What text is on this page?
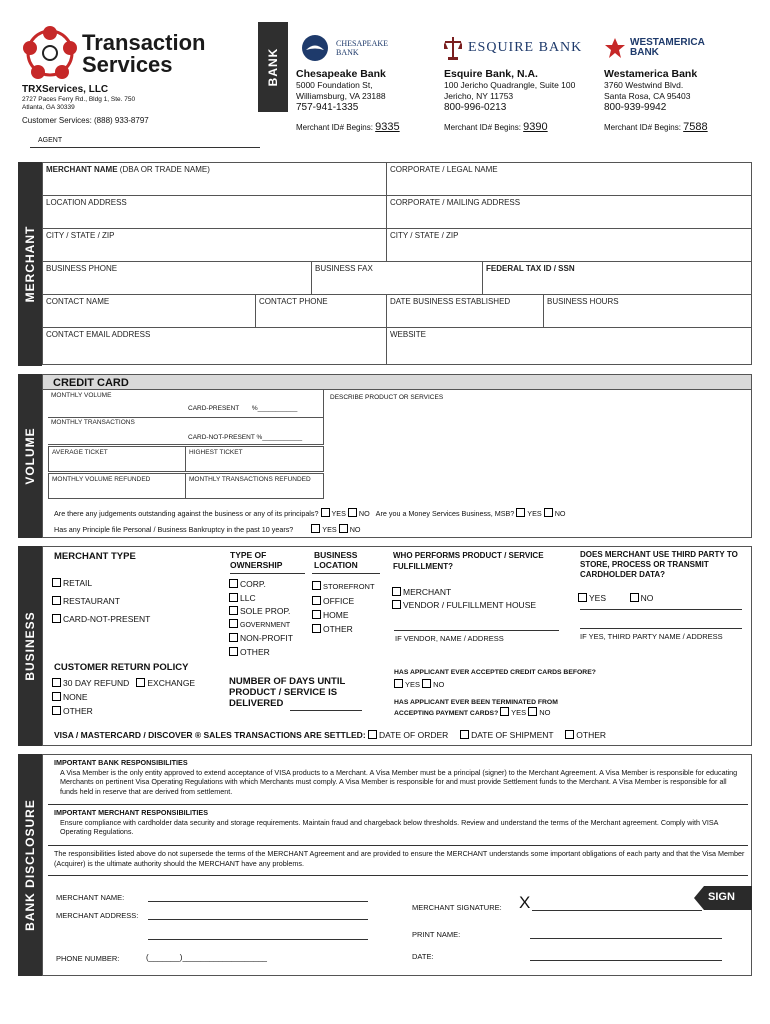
Transaction
Services
TRXServices, LLC
2727 Paces Ferry Rd., Bldg 1, Ste. 750
Atlanta, GA 30339
Customer Services: (888) 933-8797
AGENT
BANK
CHESAPEAKE BANK
Chesapeake Bank
5000 Foundation St,
Williamsburg, VA 23188
757-941-1335
Merchant ID# Begins: 9335
ESQUIRE BANK
Esquire Bank, N.A.
100 Jericho Quadrangle, Suite 100
Jericho, NY 11753
800-996-0213
Merchant ID# Begins: 9390
WESTAMERICA BANK
Westamerica Bank
3760 Westwind Blvd.
Santa Rosa, CA 95403
800-939-9942
Merchant ID# Begins: 7588
MERCHANT
MERCHANT NAME (DBA OR TRADE NAME)	CORPORATE / LEGAL NAME
LOCATION ADDRESS	CORPORATE / MAILING ADDRESS
CITY / STATE / ZIP	CITY / STATE / ZIP
BUSINESS PHONE	BUSINESS FAX	FEDERAL TAX ID / SSN
CONTACT NAME	CONTACT PHONE	DATE BUSINESS ESTABLISHED	BUSINESS HOURS
CONTACT EMAIL ADDRESS	WEBSITE
VOLUME
CREDIT CARD
MONTHLY VOLUME
CARD-PRESENT %___________
DESCRIBE PRODUCT OR SERVICES
MONTHLY TRANSACTIONS
CARD-NOT-PRESENT %___________
AVERAGE TICKET	HIGHEST TICKET
MONTHLY VOLUME REFUNDED	MONTHLY TRANSACTIONS REFUNDED
Are there any judgements outstanding against the business or any of its principals? YES NO Are you a Money Services Business, MSB? YES NO
Has any Principle file Personal / Business Bankruptcy in the past 10 years?	YES NO
BUSINESS
MERCHANT TYPE
RETAIL
RESTAURANT
CARD-NOT-PRESENT
TYPE OF OWNERSHIP
CORP.
LLC
SOLE PROP.
GOVERNMENT
NON-PROFIT
OTHER
BUSINESS LOCATION
STOREFRONT
OFFICE
HOME
OTHER
WHO PERFORMS PRODUCT / SERVICE FULFILLMENT?
MERCHANT
VENDOR / FULFILLMENT HOUSE
IF VENDOR, NAME / ADDRESS
DOES MERCHANT USE THIRD PARTY TO STORE, PROCESS OR TRANSMIT CARDHOLDER DATA?
YES	NO
IF YES, THIRD PARTY NAME / ADDRESS
CUSTOMER RETURN POLICY
30 DAY REFUND EXCHANGE
NONE
OTHER
NUMBER OF DAYS UNTIL PRODUCT / SERVICE IS DELIVERED
HAS APPLICANT EVER ACCEPTED CREDIT CARDS BEFORE?
YES NO
HAS APPLICANT EVER BEEN TERMINATED FROM ACCEPTING PAYMENT CARDS? YES NO
VISA / MASTERCARD / DISCOVER ® SALES TRANSACTIONS ARE SETTLED: DATE OF ORDER	DATE OF SHIPMENT	OTHER
BANK DISCLOSURE

IMPORTANT BANK RESPONSIBILITIES

A Visa Member is the only entity approved to extend acceptance of VISA products to a Merchant. A Visa Member must be a principal (signer) to the Merchant Agreement. A Visa Member is responsible for educating Merchants on pertinent Visa Operating Regulations with which Merchants must comply. A Visa Member is responsible for and must provide Settlement funds to the Merchant. A Visa Member is responsible for all funds held in reserve that are derived from settlement.

IMPORTANT MERCHANT RESPONSIBILITIES

Ensure compliance with cardholder data security and storage requirements. Maintain fraud and chargeback below thresholds. Review and understand the terms of the Merchant agreement. Comply with VISA Operating Regulations.

The responsibilities listed above do not supersede the terms of the MERCHANT Agreement and are provided to ensure the MERCHANT understands some important obligations of each party and that the Visa Member (Acquirer) is the ultimate authority should the MERCHANT have any problems.

MERCHANT NAME:
MERCHANT ADDRESS:
PHONE NUMBER:	(_______)___________________
MERCHANT SIGNATURE: X	SIGN
PRINT NAME:
DATE:
